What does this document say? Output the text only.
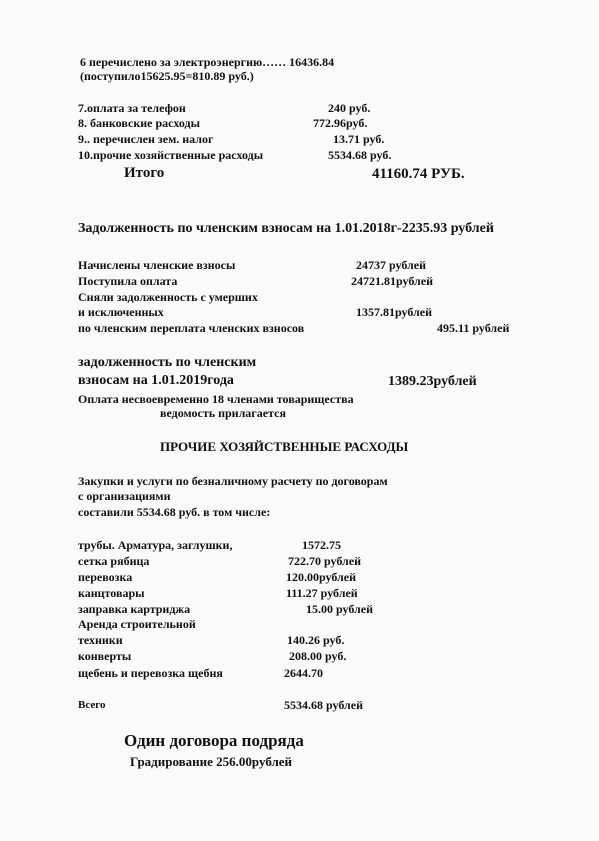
6 перечислено за электроэнергию…… 16436.84
(поступило15625.95=810.89 руб.)
7.оплата за телефон	240 руб.
8. банковские расходы	772.96руб.
9.. перечислен зем. налог	13.71 руб.
10.прочие хозяйственные расходы	5534.68 руб.
Итого	41160.74 РУБ.
Задолженность по членским взносам на 1.01.2018г-2235.93 рублей
Начислены членские взносы	24737 рублей
Поступила оплата	24721.81рублей
Сняли задолженность с умерших
и исключенных	1357.81рублей
по членским переплата членских взносов	495.11 рублей
задолженность по членским
взносам на 1.01.2019года	1389.23рублей
Оплата несвоевременно 18 членами товарищества
ведомость прилагается
ПРОЧИЕ ХОЗЯЙСТВЕННЫЕ РАСХОДЫ
Закупки и услуги по безналичному расчету по договорам
с организациями
составили 5534.68 руб. в том числе:
трубы. Арматура, заглушки,	1572.75
сетка рябица	722.70 рублей
перевозка	120.00рублей
канцтовары	111.27 рублей
заправка картриджа	15.00 рублей
Аренда строительной
техники	140.26 руб.
конверты	208.00 руб.
щебень и перевозка щебня	2644.70
Всего	5534.68 рублей
Один договора подряда
Градирование 256.00рублей
